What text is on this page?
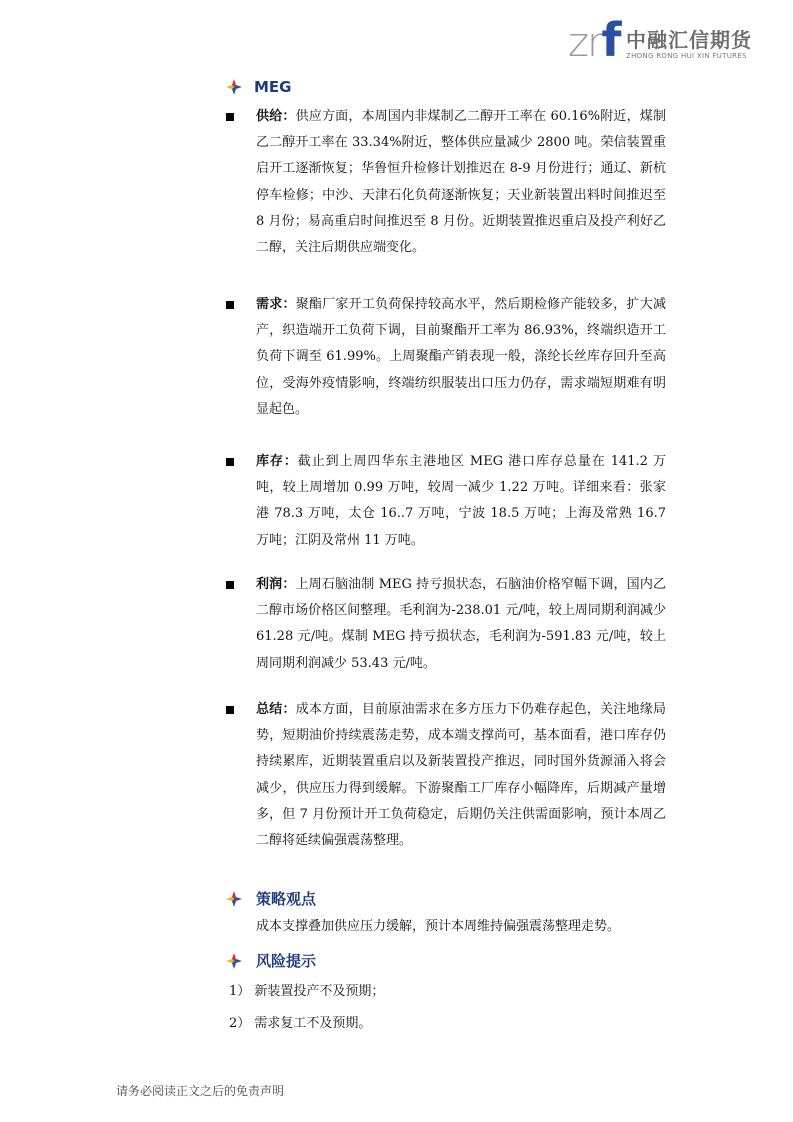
zrf 中融汇信期货
ZHONG RONG HUI XIN FUTURES
MEG
供给：供应方面，本周国内非煤制乙二醇开工率在 60.16%附近，煤制乙二醇开工率在 33.34%附近，整体供应量减少 2800 吨。荣信装置重启开工逐渐恢复；华鲁恒升检修计划推迟在 8-9 月份进行；通辽、新杭停车检修；中沙、天津石化负荷逐渐恢复；天业新装置出料时间推迟至 8 月份；易高重启时间推迟至 8 月份。近期装置推迟重启及投产利好乙二醇，关注后期供应端变化。
需求：聚酯厂家开工负荷保持较高水平，然后期检修产能较多，扩大减产，织造端开工负荷下调，目前聚酯开工率为 86.93%，终端织造开工负荷下调至 61.99%。上周聚酯产销表现一般，涤纶长丝库存回升至高位，受海外疫情影响，终端纺织服装出口压力仍存，需求端短期难有明显起色。
库存：截止到上周四华东主港地区 MEG 港口库存总量在 141.2 万吨，较上周增加 0.99 万吨，较周一减少 1.22 万吨。详细来看：张家港 78.3 万吨，太仓 16..7 万吨，宁波 18.5 万吨；上海及常熟 16.7 万吨；江阴及常州 11 万吨。
利润：上周石脑油制 MEG 持亏损状态，石脑油价格窄幅下调，国内乙二醇市场价格区间整理。毛利润为-238.01 元/吨，较上周同期利润减少 61.28 元/吨。煤制 MEG 持亏损状态，毛利润为-591.83 元/吨，较上周同期利润减少 53.43 元/吨。
总结：成本方面，目前原油需求在多方压力下仍难存起色，关注地缘局势，短期油价持续震荡走势，成本端支撑尚可，基本面看，港口库存仍持续累库，近期装置重启以及新装置投产推迟，同时国外货源涌入将会减少，供应压力得到缓解。下游聚酯工厂库存小幅降库，后期减产量增多，但 7 月份预计开工负荷稳定，后期仍关注供需面影响，预计本周乙二醇将延续偏强震荡整理。
策略观点
成本支撑叠加供应压力缓解，预计本周维持偏强震荡整理走势。
风险提示
1） 新装置投产不及预期；
2） 需求复工不及预期。
请务必阅读正文之后的免责声明
